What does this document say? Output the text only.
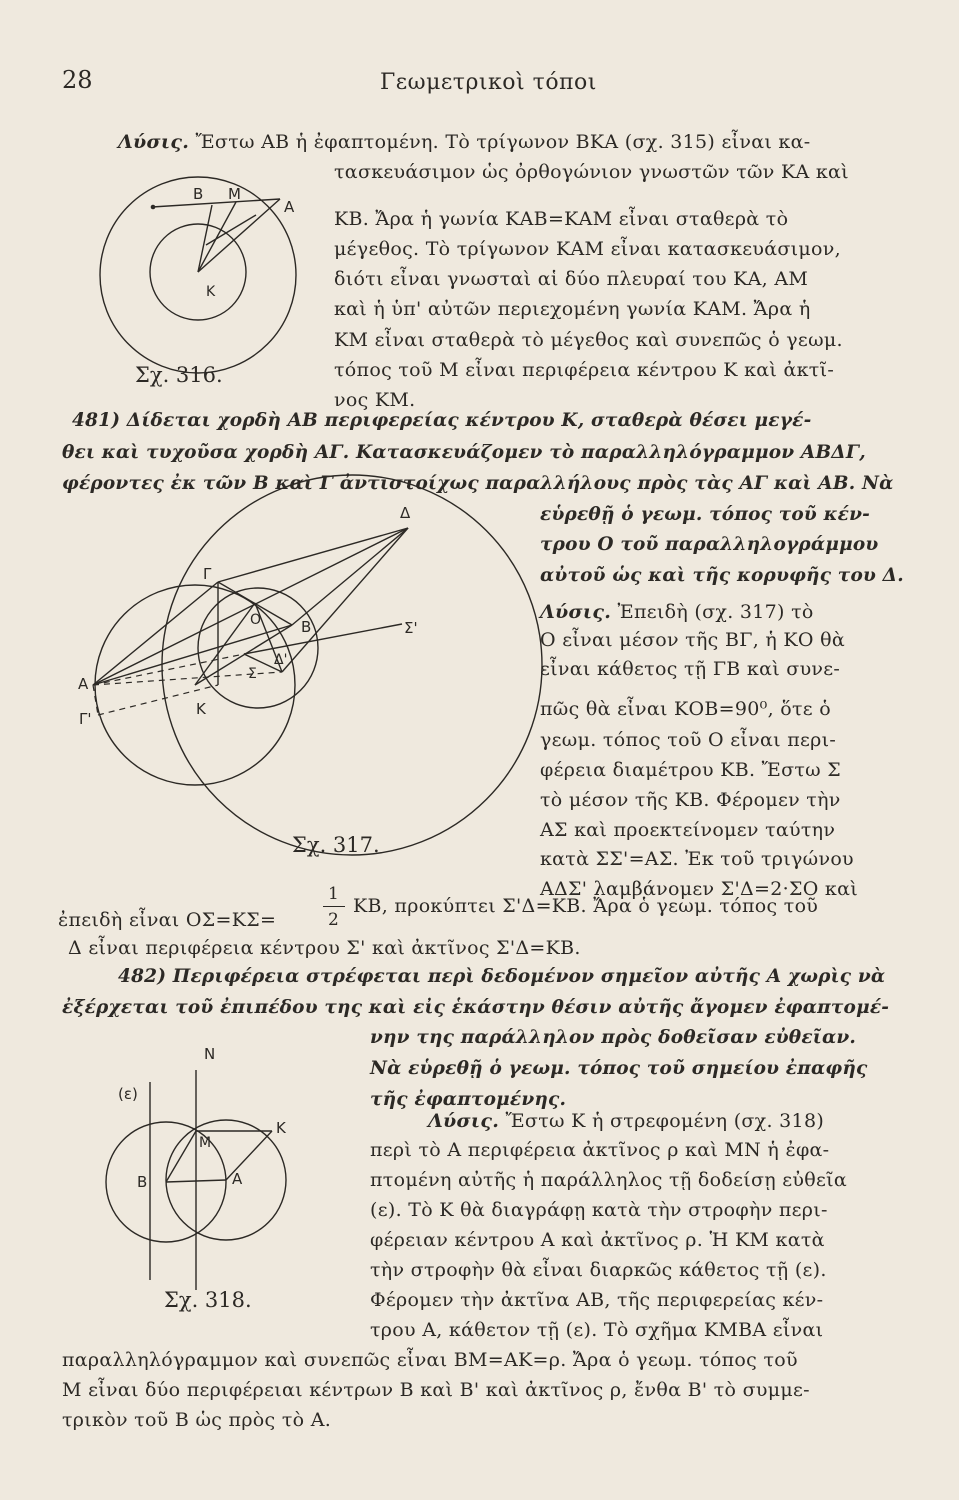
28	Γεωμετρικοὶ τόποι
Λύσις. Ἔστω ΑΒ ἡ ἐφαπτομένη. Τὸ τρίγωνον ΒΚΑ (σχ. 315) εἶναι κα-
τασκευάσιμον ὡς ὀρθογώνιον γνωστῶν τῶν ΚΑ καὶ
ΚΒ. Ἄρα ἡ γωνία ΚΑΒ=ΚΑΜ εἶναι σταθερὰ τὸ
μέγεθος. Τὸ τρίγωνον ΚΑΜ εἶναι κατασκευάσιμον,
διότι εἶναι γνωσταὶ αἱ δύο πλευραί του ΚΑ, ΑΜ
καὶ ἡ ὑπ' αὐτῶν περιεχομένη γωνία ΚΑΜ. Ἄρα ἡ
ΚΜ εἶναι σταθερὰ τὸ μέγεθος καὶ συνεπῶς ὁ γεωμ.
τόπος τοῦ Μ εἶναι περιφέρεια κέντρου Κ καὶ ἀκτῖ-
νος ΚΜ.
B M
A
K
Σχ. 316.
481) Δίδεται χορδὴ ΑΒ περιφερείας κέντρου Κ, σταθερὰ θέσει μεγέ-
θει καὶ τυχοῦσα χορδὴ ΑΓ. Κατασκευάζομεν τὸ παραλληλόγραμμον ΑΒΔΓ,
φέροντες ἐκ τῶν Β καὶ Γ ἀντιστοίχως παραλλήλους πρὸς τὰς ΑΓ καὶ ΑΒ. Νὰ
εὑρεθῇ ὁ γεωμ. τόπος τοῦ κέν-
τρου Ο τοῦ παραλληλογράμμου
αὐτοῦ ὡς καὶ τῆς κορυφῆς του Δ.
Δ
Γ
Ο	Β	Σ'
Δ'
Σ
Α
Γ'
Κ
Σχ. 317.
Λύσις. Ἐπειδὴ (σχ. 317) τὸ
Ο εἶναι μέσον τῆς ΒΓ, ἡ ΚΟ θὰ
εἶναι κάθετος τῇ ΓΒ καὶ συνε-
πῶς θὰ εἶναι ΚΟΒ=90⁰, ὅτε ὁ
γεωμ. τόπος τοῦ Ο εἶναι περι-
φέρεια διαμέτρου ΚΒ. Ἔστω Σ
τὸ μέσον τῆς ΚΒ. Φέρομεν τὴν
ΑΣ καὶ προεκτείνομεν ταύτην
κατὰ ΣΣ'=ΑΣ. Ἐκ τοῦ τριγώνου
ΑΔΣ' λαμβάνομεν Σ'Δ=2·ΣΟ καὶ
ἐπειδὴ εἶναι ΟΣ=ΚΣ=
1
2
ΚΒ, προκύπτει Σ'Δ=ΚΒ. Ἄρα ὁ γεωμ. τόπος τοῦ
Δ εἶναι περιφέρεια κέντρου Σ' καὶ ἀκτῖνος Σ'Δ=ΚΒ.
482) Περιφέρεια στρέφεται περὶ δεδομένον σημεῖον αὐτῆς Α χωρὶς νὰ
ἐξέρχεται τοῦ ἐπιπέδου της καὶ εἰς ἑκάστην θέσιν αὐτῆς ἄγομεν ἐφαπτομέ-
νην της παράλληλον πρὸς δοθεῖσαν εὐθεῖαν.
Νὰ εὑρεθῇ ὁ γεωμ. τόπος τοῦ σημείου ἐπαφῆς
τῆς ἐφαπτομένης.
(ε)
N
K
A
B
M
Σχ. 318.
Λύσις. Ἔστω Κ ἡ στρεφομένη (σχ. 318)
περὶ τὸ Α περιφέρεια ἀκτῖνος ρ καὶ ΜΝ ἡ ἐφα-
πτομένη αὐτῆς ἡ παράλληλος τῇ δοδείσῃ εὐθεῖα
(ε). Τὸ Κ θὰ διαγράφῃ κατὰ τὴν στροφὴν περι-
φέρειαν κέντρου Α καὶ ἀκτῖνος ρ. Ἡ ΚΜ κατὰ
τὴν στροφὴν θὰ εἶναι διαρκῶς κάθετος τῇ (ε).
Φέρομεν τὴν ἀκτῖνα ΑΒ, τῆς περιφερείας κέν-
τρου Α, κάθετον τῇ (ε). Τὸ σχῆμα ΚΜΒΑ εἶναι
παραλληλόγραμμον καὶ συνεπῶς εἶναι ΒΜ=ΑΚ=ρ. Ἄρα ὁ γεωμ. τόπος τοῦ
Μ εἶναι δύο περιφέρειαι κέντρων Β καὶ Β' καὶ ἀκτῖνος ρ, ἔνθα Β' τὸ συμμε-
τρικὸν τοῦ Β ὡς πρὸς τὸ Α.
